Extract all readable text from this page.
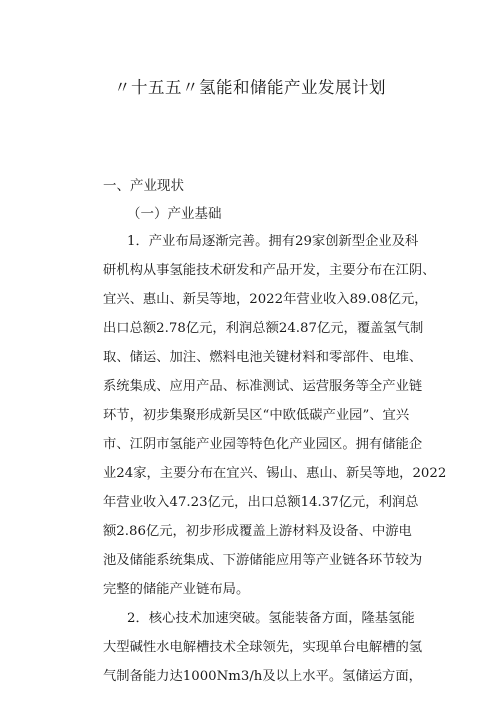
〃十五五〃氢能和储能产业发展计划
一、产业现状
（一）产业基础
1．产业布局逐渐完善。拥有29家创新型企业及科
研机构从事氢能技术研发和产品开发，主要分布在江阴、
宜兴、惠山、新吴等地，2022年营业收入89.08亿元，
出口总额2.78亿元，利润总额24.87亿元，覆盖氢气制
取、储运、加注、燃料电池关键材料和零部件、电堆、
系统集成、应用产品、标准测试、运营服务等全产业链
环节，初步集聚形成新吴区“中欧低碳产业园”、宜兴
市、江阴市氢能产业园等特色化产业园区。拥有储能企
业24家，主要分布在宜兴、锡山、惠山、新吴等地，2022
年营业收入47.23亿元，出口总额14.37亿元，利润总
额2.86亿元，初步形成覆盖上游材料及设备、中游电
池及储能系统集成、下游储能应用等产业链各环节较为
完整的储能产业链布局。
2．核心技术加速突破。氢能装备方面，隆基氢能
大型碱性水电解槽技术全球领先，实现单台电解槽的氢
气制备能力达1000Nm3/h及以上水平。氢储运方面，
